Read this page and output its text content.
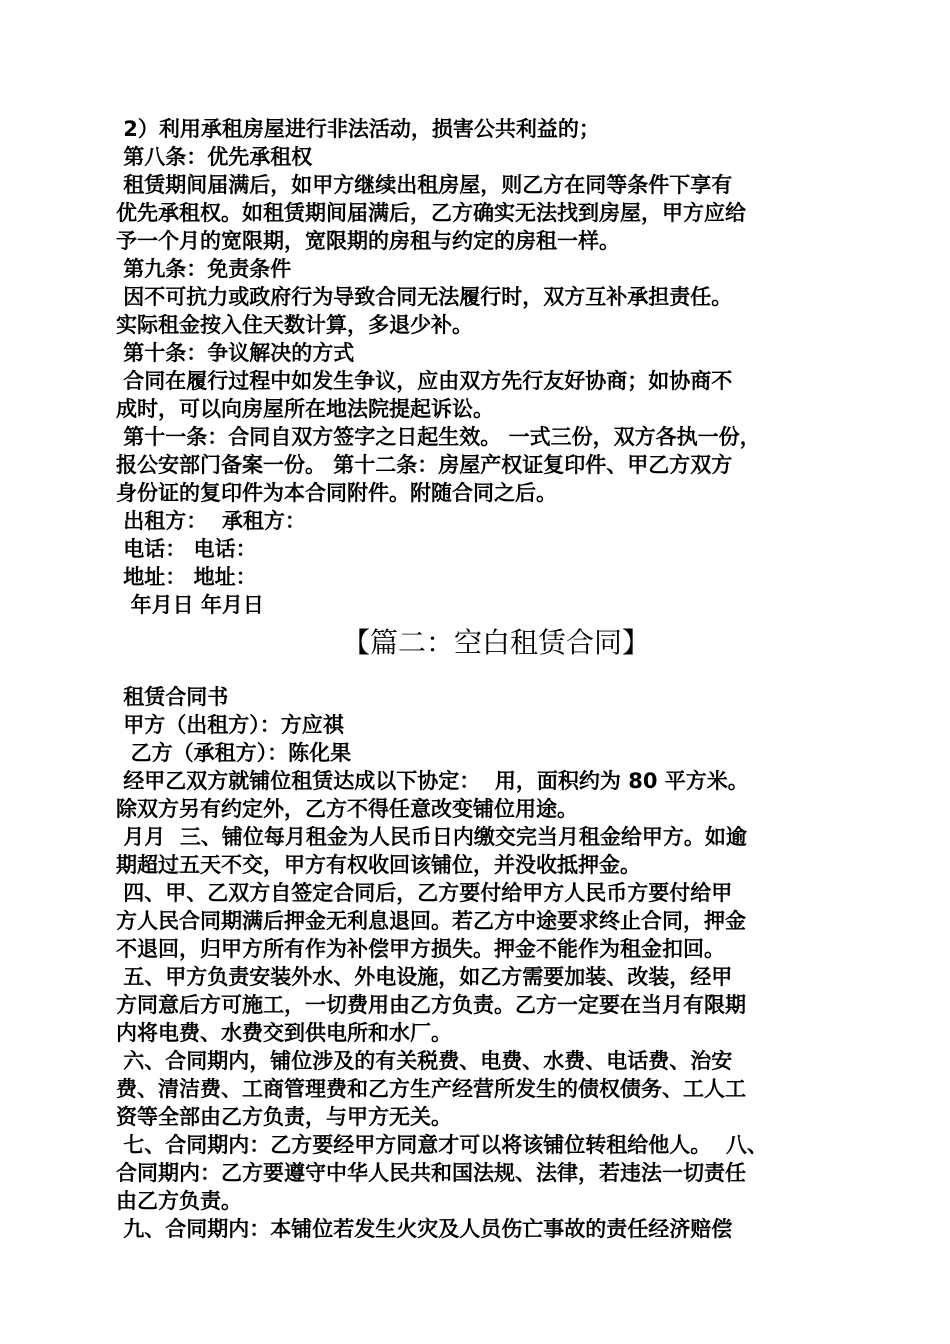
2）利用承租房屋进行非法活动，损害公共利益的；

第八条：优先承租权

租赁期间届满后，如甲方继续出租房屋，则乙方在同等条件下享有

优先承租权。如租赁期间届满后，乙方确实无法找到房屋，甲方应给

予一个月的宽限期，宽限期的房租与约定的房租一样。

第九条：免责条件

因不可抗力或政府行为导致合同无法履行时，双方互补承担责任。

实际租金按入住天数计算，多退少补。

第十条：争议解决的方式

合同在履行过程中如发生争议，应由双方先行友好协商；如协商不

成时，可以向房屋所在地法院提起诉讼。

第十一条：合同自双方签字之日起生效。 一式三份，双方各执一份，

报公安部门备案一份。 第十二条：房屋产权证复印件、甲乙方双方

身份证的复印件为本合同附件。附随合同之后。

出租方：  承租方：

电话： 电话：

地址： 地址：

年月日 年月日

【篇二：空白租赁合同】

租赁合同书

甲方（出租方）：方应祺

乙方（承租方）：陈化果

经甲乙双方就铺位租赁达成以下协定：  用，面积约为 80 平方米。

除双方另有约定外，乙方不得任意改变铺位用途。

月月  三、铺位每月租金为人民币日内缴交完当月租金给甲方。如逾

期超过五天不交，甲方有权收回该铺位，并没收抵押金。

四、甲、乙双方自签定合同后，乙方要付给甲方人民币方要付给甲

方人民合同期满后押金无利息退回。若乙方中途要求终止合同，押金

不退回，归甲方所有作为补偿甲方损失。押金不能作为租金扣回。

五、甲方负责安装外水、外电设施，如乙方需要加装、改装，经甲

方同意后方可施工，一切费用由乙方负责。乙方一定要在当月有限期

内将电费、水费交到供电所和水厂。

六、合同期内，铺位涉及的有关税费、电费、水费、电话费、治安

费、清洁费、工商管理费和乙方生产经营所发生的债权债务、工人工

资等全部由乙方负责，与甲方无关。

七、合同期内：乙方要经甲方同意才可以将该铺位转租给他人。  八、

合同期内：乙方要遵守中华人民共和国法规、法律，若违法一切责任

由乙方负责。

九、合同期内：本铺位若发生火灾及人员伤亡事故的责任经济赔偿
